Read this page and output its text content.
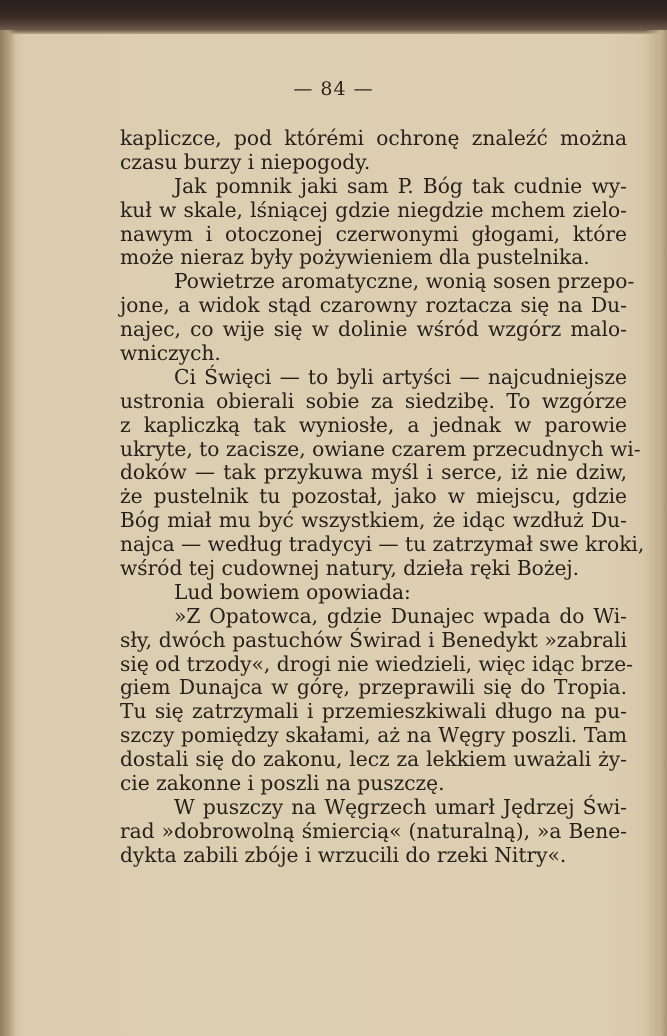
— 84 —
kapliczce, pod którémi ochronę znaleźć można
czasu burzy i niepogody.
Jak pomnik jaki sam P. Bóg tak cudnie wy-
kuł w skale, lśniącej gdzie niegdzie mchem zielo-
nawym i otoczonej czerwonymi głogami, które
może nieraz były pożywieniem dla pustelnika.
Powietrze aromatyczne, wonią sosen przepo-
jone, a widok stąd czarowny roztacza się na Du-
najec, co wije się w dolinie wśród wzgórz malo-
wniczych.
Ci Święci — to byli artyści — najcudniejsze
ustronia obierali sobie za siedzibę. To wzgórze
z kapliczką tak wyniosłe, a jednak w parowie
ukryte, to zacisze, owiane czarem przecudnych wi-
doków — tak przykuwa myśl i serce, iż nie dziw,
że pustelnik tu pozostał, jako w miejscu, gdzie
Bóg miał mu być wszystkiem, że idąc wzdłuż Du-
najca — według tradycyi — tu zatrzymał swe kroki,
wśród tej cudownej natury, dzieła ręki Bożej.
Lud bowiem opowiada:
»Z Opatowca, gdzie Dunajec wpada do Wi-
sły, dwóch pastuchów Świrad i Benedykt »zabrali
się od trzody«, drogi nie wiedzieli, więc idąc brze-
giem Dunajca w górę, przeprawili się do Tropia.
Tu się zatrzymali i przemieszkiwali długo na pu-
szczy pomiędzy skałami, aż na Węgry poszli. Tam
dostali się do zakonu, lecz za lekkiem uważali ży-
cie zakonne i poszli na puszczę.
W puszczy na Węgrzech umarł Jędrzej Świ-
rad »dobrowolną śmiercią« (naturalną), »a Bene-
dykta zabili zbóje i wrzucili do rzeki Nitry«.
